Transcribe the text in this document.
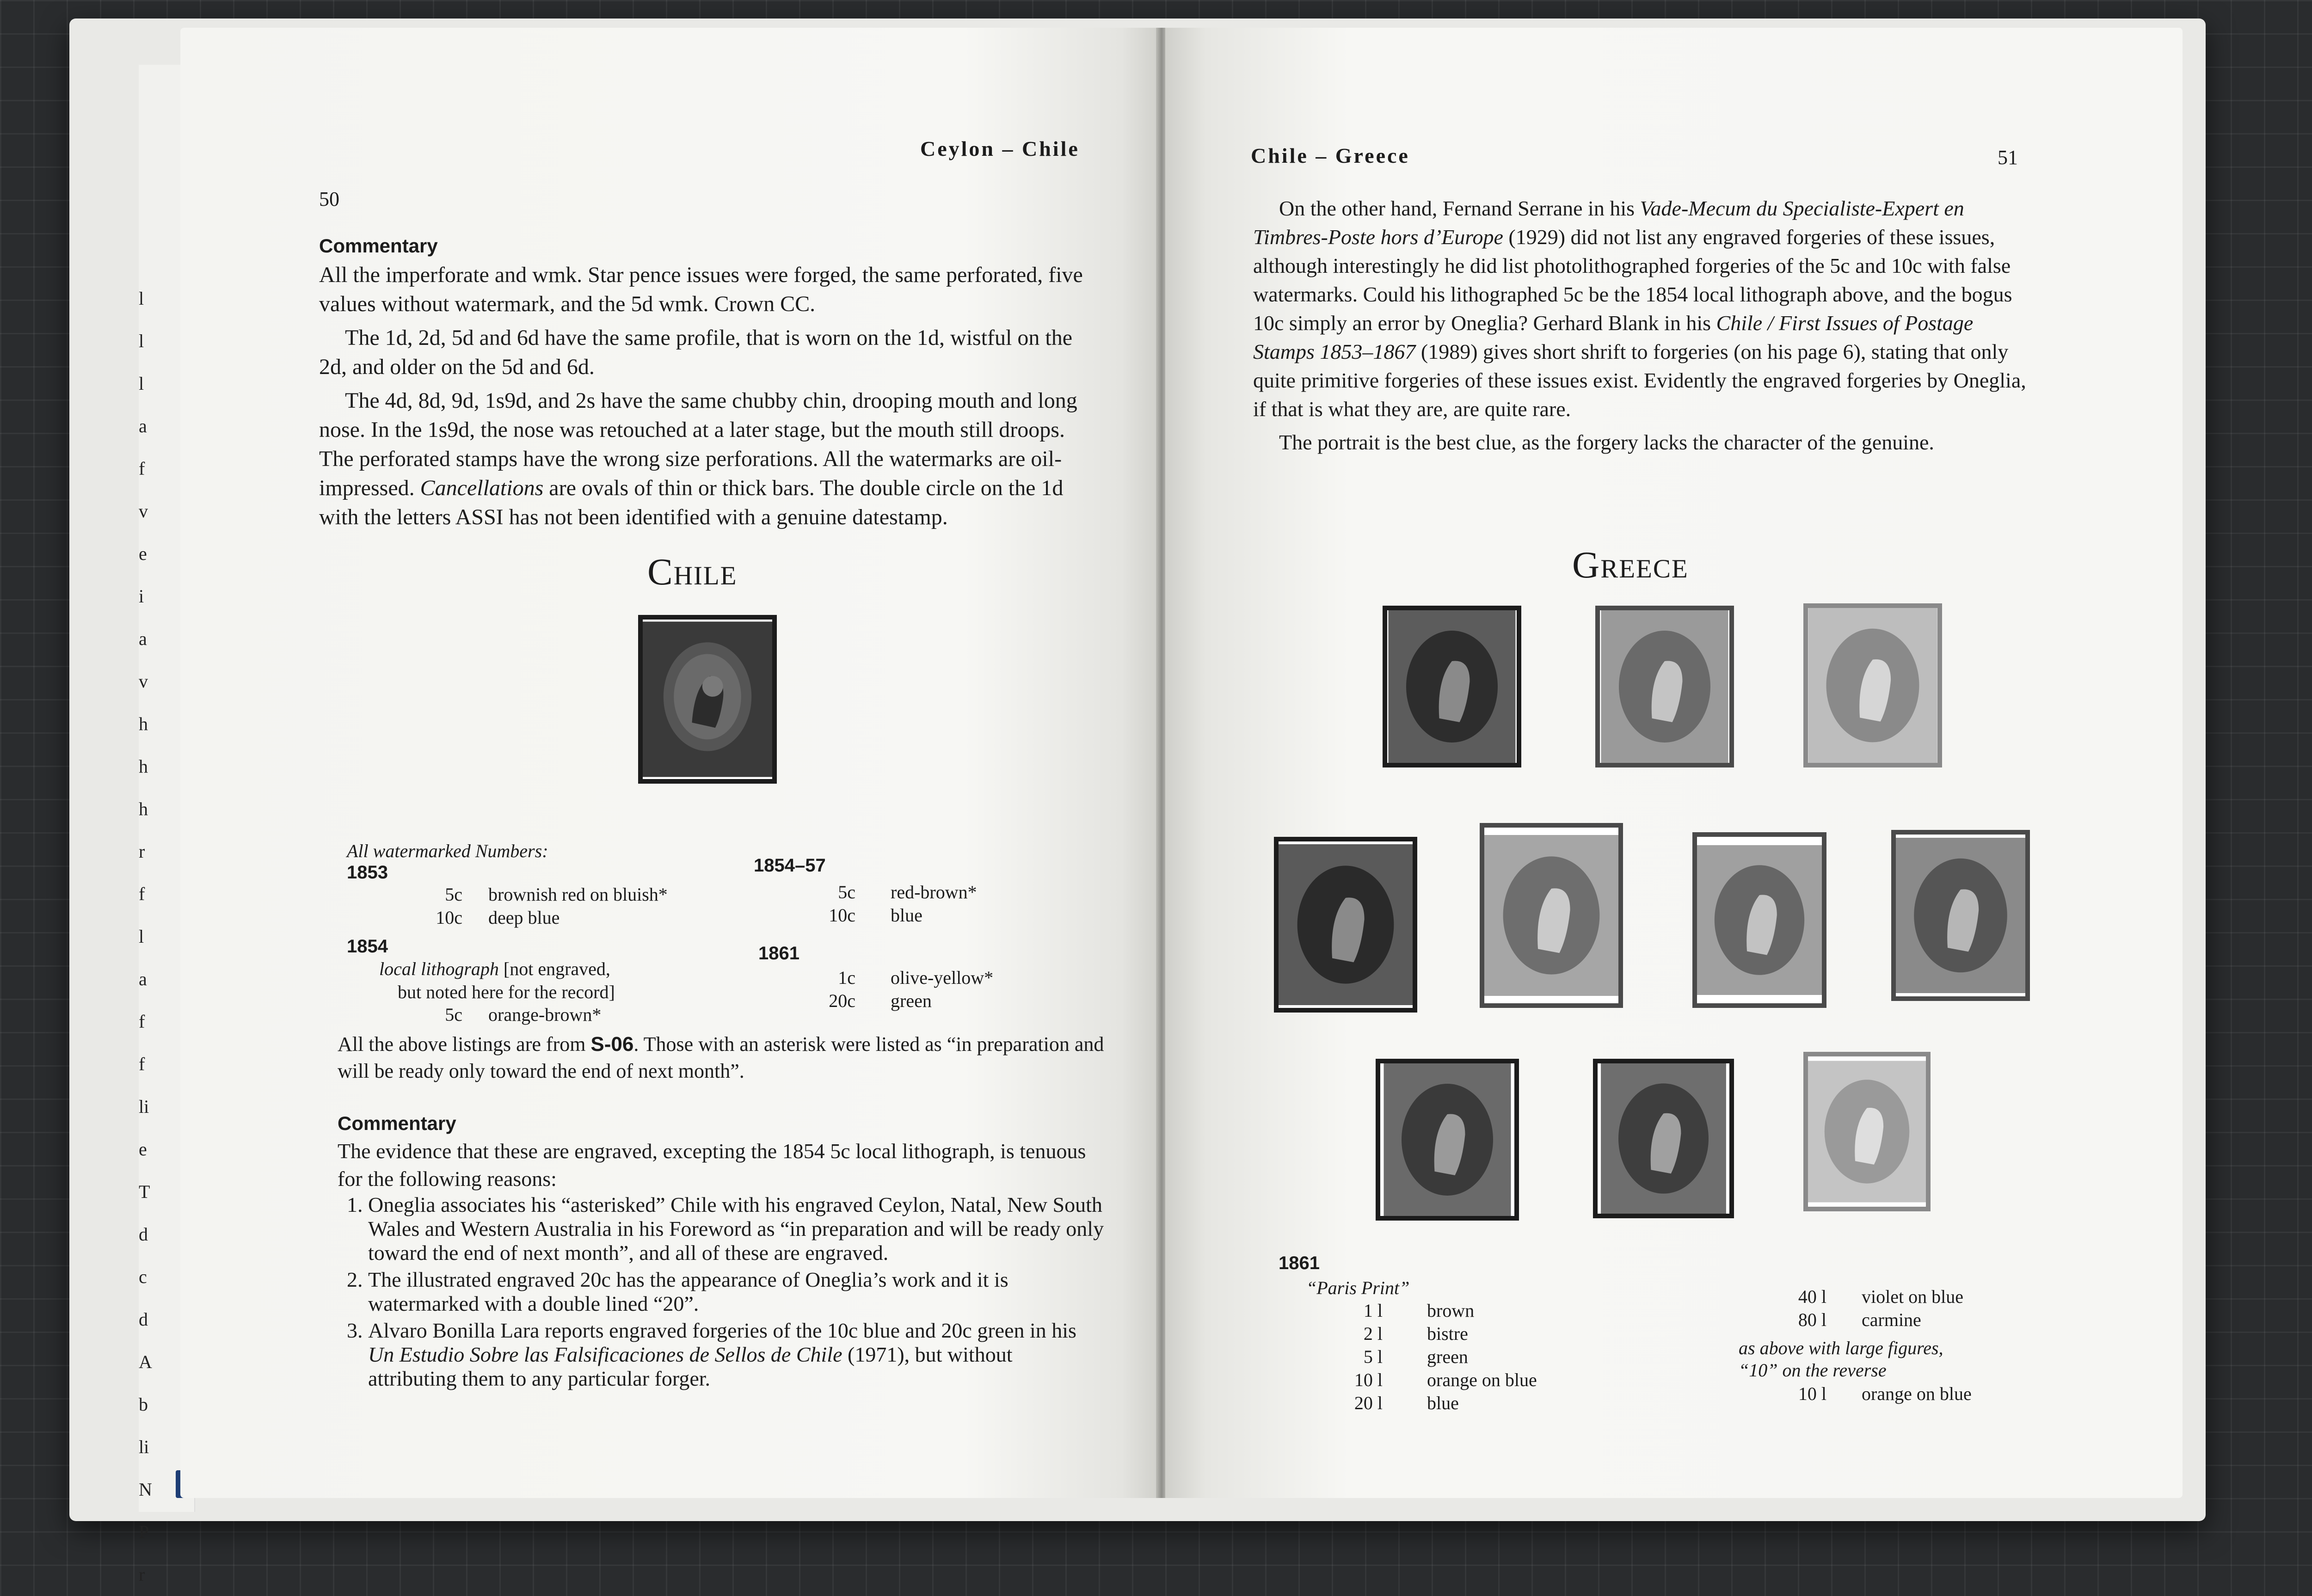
l
l
l
a
f
v
e
i
a
v
h
h
h
r
f
l
a
f
f
li
e
T
d
c
d
A
b
li
N
P
r
Ceylon – Chile
50
Commentary

All the imperforate and wmk. Star pence issues were forged, the same perforated, five values without watermark, and the 5d wmk. Crown CC.

The 1d, 2d, 5d and 6d have the same profile, that is worn on the 1d, wistful on the 2d, and older on the 5d and 6d.

The 4d, 8d, 9d, 1s9d, and 2s have the same chubby chin, drooping mouth and long nose. In the 1s9d, the nose was retouched at a later stage, but the mouth still droops. The perforated stamps have the wrong size perforations. All the watermarks are oil-impressed. Cancellations are ovals of thin or thick bars. The double circle on the 1d with the letters ASSI has not been identified with a genuine datestamp.

Chile
All watermarked Numbers:
1853
5c	brownish red on bluish*
10c	deep blue
1854
local lithograph [not engraved,
but noted here for the record]
5c	orange-brown*
1854–57
5c	red-brown*
10c	blue
1861
1c	olive-yellow*
20c	green
All the above listings are from S-06. Those with an asterisk were listed as “in preparation and will be ready only toward the end of next month”.
Commentary
The evidence that these are engraved, excepting the 1854 5c local lithograph, is tenuous for the following reasons:
1. Oneglia associates his “asterisked” Chile with his engraved Ceylon, Natal, New South Wales and Western Australia in his Foreword as “in preparation and will be ready only toward the end of next month”, and all of these are engraved.
2. The illustrated engraved 20c has the appearance of Oneglia’s work and it is watermarked with a double lined “20”.
3. Alvaro Bonilla Lara reports engraved forgeries of the 10c blue and 20c green in his Un Estudio Sobre las Falsificaciones de Sellos de Chile (1971), but without attributing them to any particular forger.
Chile – Greece	51

On the other hand, Fernand Serrane in his Vade-Mecum du Specialiste-Expert en Timbres-Poste hors d’Europe (1929) did not list any engraved forgeries of these issues, although interestingly he did list photolithographed forgeries of the 5c and 10c with false watermarks. Could his lithographed 5c be the 1854 local lithograph above, and the bogus 10c simply an error by Oneglia? Gerhard Blank in his Chile / First Issues of Postage Stamps 1853–1867 (1989) gives short shrift to forgeries (on his page 6), stating that only quite primitive forgeries of these issues exist. Evidently the engraved forgeries by Oneglia, if that is what they are, are quite rare.

The portrait is the best clue, as the forgery lacks the character of the genuine.

Greece
1861
“Paris Print”
1 l	brown
2 l	bistre
5 l	green
10 l	orange on blue
20 l	blue
40 l	violet on blue
80 l	carmine
as above with large figures,
“10” on the reverse
10 l	orange on blue
